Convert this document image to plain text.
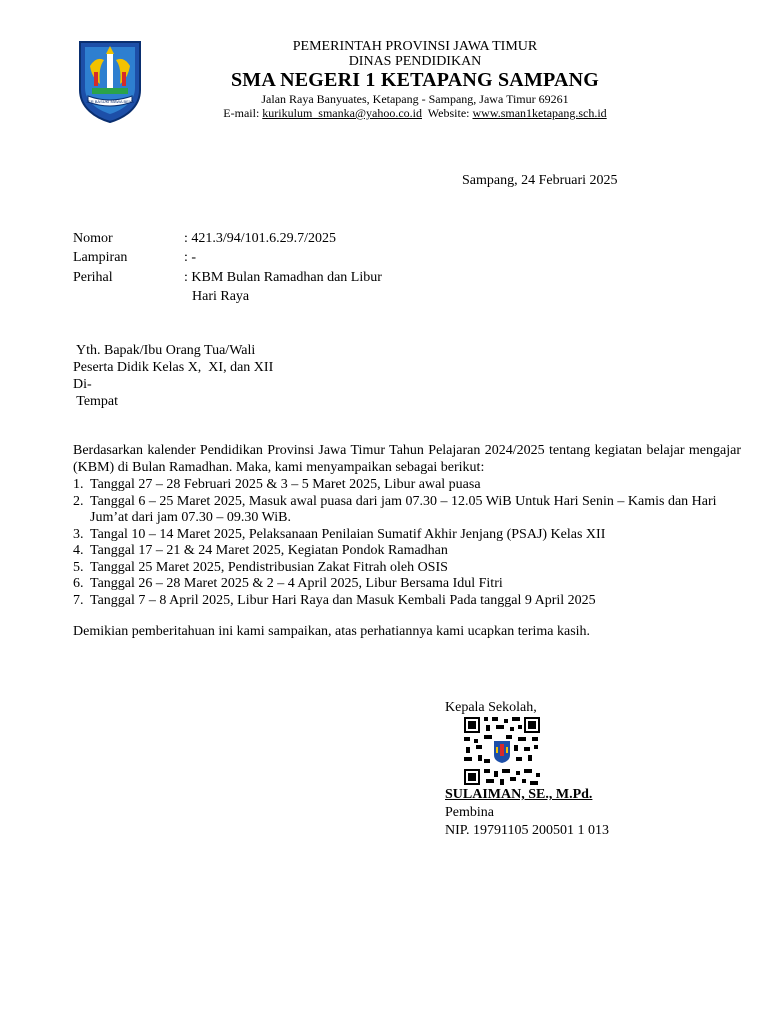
JER BASUKI MAWA BEYA
PEMERINTAH PROVINSI JAWA TIMUR
DINAS PENDIDIKAN
SMA NEGERI 1 KETAPANG SAMPANG
Jalan Raya Banyuates, Ketapang - Sampang, Jawa Timur 69261
E-mail: kurikulum_smanka@yahoo.co.id  Website: www.sman1ketapang.sch.id
Sampang, 24 Februari 2025
Nomor	: 421.3/94/101.6.29.7/2025
Lampiran	: -
Perihal	: KBM Bulan Ramadhan dan Libur
Hari Raya
Yth. Bapak/Ibu Orang Tua/Wali
Peserta Didik Kelas X,  XI, dan XII
Di-
Tempat
Berdasarkan kalender Pendidikan Provinsi Jawa Timur Tahun Pelajaran 2024/2025 tentang kegiatan belajar mengajar (KBM) di Bulan Ramadhan. Maka, kami menyampaikan sebagai berikut:
1. Tanggal 27 – 28 Februari 2025 & 3 – 5 Maret 2025, Libur awal puasa
2. Tanggal 6 – 25 Maret 2025, Masuk awal puasa dari jam 07.30 – 12.05 WiB Untuk Hari Senin – Kamis dan Hari Jum’at dari jam 07.30 – 09.30 WiB.
3. Tangal 10 – 14 Maret 2025, Pelaksanaan Penilaian Sumatif Akhir Jenjang (PSAJ) Kelas XII
4. Tanggal 17 – 21 & 24 Maret 2025, Kegiatan Pondok Ramadhan
5. Tanggal 25 Maret 2025, Pendistribusian Zakat Fitrah oleh OSIS
6. Tanggal 26 – 28 Maret 2025 & 2 – 4 April 2025, Libur Bersama Idul Fitri
7. Tanggal 7 – 8 April 2025, Libur Hari Raya dan Masuk Kembali Pada tanggal 9 April 2025
Demikian pemberitahuan ini kami sampaikan, atas perhatiannya kami ucapkan terima kasih.
Kepala Sekolah,
SULAIMAN, SE., M.Pd.
Pembina
NIP. 19791105 200501 1 013
